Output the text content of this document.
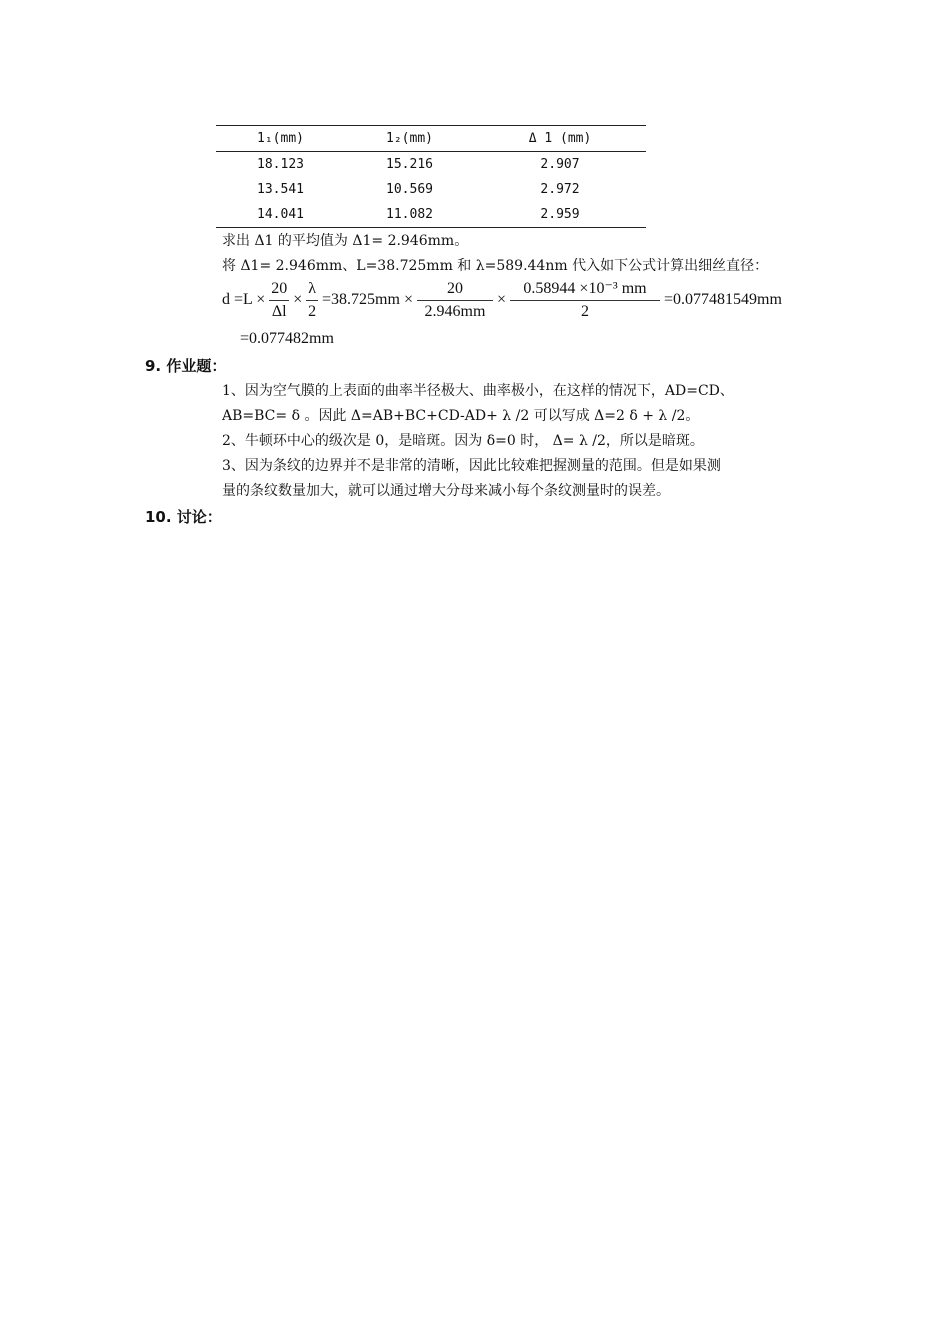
1₁(mm)	1₂(mm)	Δ 1 (mm)
18.123	15.216	2.907
13.541	10.569	2.972
14.041	11.082	2.959
求出 Δ1 的平均值为 Δ1= 2.946mm。
将 Δ1= 2.946mm、L=38.725mm 和 λ=589.44nm 代入如下公式计算出细丝直径：
$d =L \times \frac{20}{\Delta l} \times \frac{\lambda}{2} =38.725mm \times \frac{20}{2.946mm} \times \frac{\text{0.58944 ×10⁻³ mm}}{2} =0.077481549mm$
=0.077482mm
9. 作业题：
1、因为空气膜的上表面的曲率半径极大、曲率极小，在这样的情况下，AD=CD、
AB=BC= δ 。因此 Δ=AB+BC+CD-AD+ λ /2 可以写成 Δ=2 δ + λ /2。
2、牛顿环中心的级次是 0，是暗斑。因为 δ=0 时， Δ= λ /2，所以是暗斑。
3、因为条纹的边界并不是非常的清晰，因此比较难把握测量的范围。但是如果测
量的条纹数量加大，就可以通过增大分母来减小每个条纹测量时的误差。
10. 讨论：
